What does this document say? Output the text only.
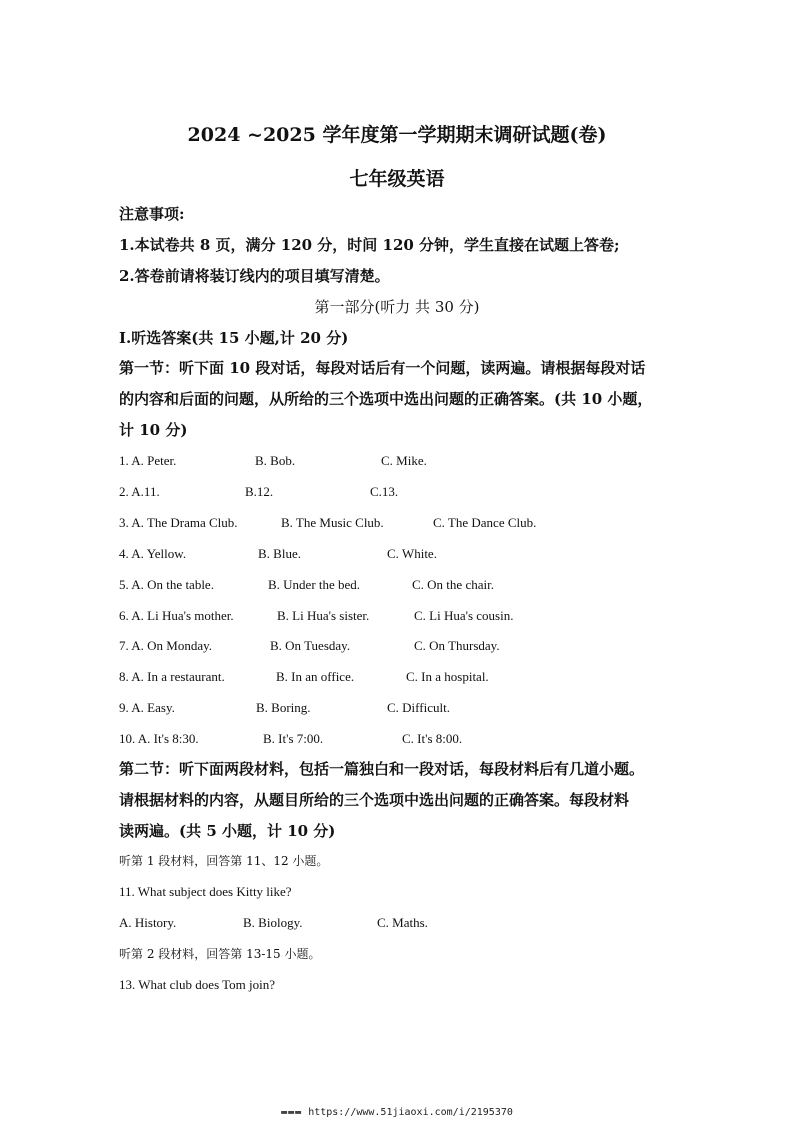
2024 ~2025 学年度第一学期期末调研试题(卷)
七年级英语
注意事项:
1.本试卷共 8 页，满分 120 分，时间 120 分钟，学生直接在试题上答卷;
2.答卷前请将装订线内的项目填写清楚。
第一部分(听力 共 30 分)
Ⅰ.听选答案(共 15 小题,计 20 分)
第一节：听下面 10 段对话，每段对话后有一个问题，读两遍。请根据每段对话
的内容和后面的问题，从所给的三个选项中选出问题的正确答案。(共 10 小题，
计 10 分)
1. A. Peter.	B. Bob.	C. Mike.
2. A.11.	B.12.	C.13.
3. A. The Drama Club.	B. The Music Club.	C. The Dance Club.
4. A. Yellow.	B. Blue.	C. White.
5. A. On the table.	B. Under the bed.	C. On the chair.
6. A. Li Hua's mother.	B. Li Hua's sister.	C. Li Hua's cousin.
7. A. On Monday.	B. On Tuesday.	C. On Thursday.
8. A. In a restaurant.	B. In an office.	C. In a hospital.
9. A. Easy.	B. Boring.	C. Difficult.
10. A. It's 8:30.	B. It's 7:00.	C. It's 8:00.
第二节：听下面两段材料，包括一篇独白和一段对话，每段材料后有几道小题。
请根据材料的内容，从题目所给的三个选项中选出问题的正确答案。每段材料
读两遍。(共 5 小题，计 10 分)
听第 1 段材料，回答第 11、12 小题。
11. What subject does Kitty like?
A. History.	B. Biology.	C. Maths.
听第 2 段材料，回答第 13-15 小题。
13. What club does Tom join?
▬▬▬ https://www.51jiaoxi.com/i/2195370
